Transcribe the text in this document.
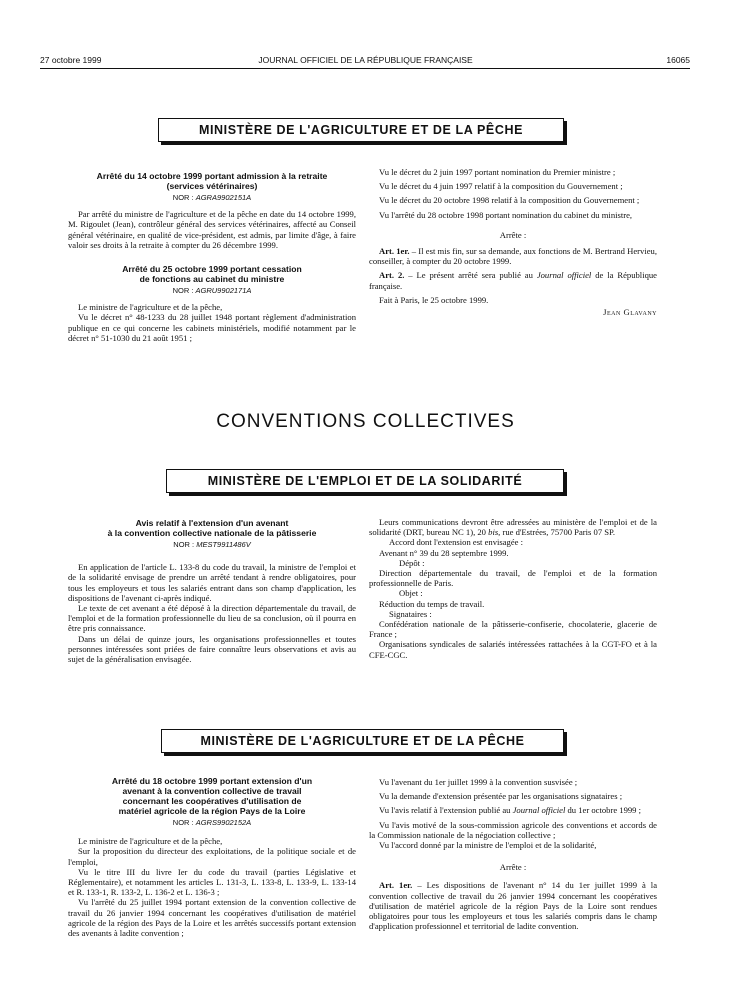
27 octobre 1999	JOURNAL OFFICIEL DE LA RÉPUBLIQUE FRANÇAISE	16065
MINISTÈRE DE L'AGRICULTURE ET DE LA PÊCHE

Arrêté du 14 octobre 1999 portant admission à la retraite

(services vétérinaires)

NOR : AGRA9902151A

Par arrêté du ministre de l'agriculture et de la pêche en date du 14 octobre 1999, M. Rigoulet (Jean), contrôleur général des services vétérinaires, affecté au Conseil général vétérinaire, en qualité de vice-président, est admis, par limite d'âge, à faire valoir ses droits à la retraite à compter du 26 décembre 1999.

Arrêté du 25 octobre 1999 portant cessation

de fonctions au cabinet du ministre

NOR : AGRU9902171A

Le ministre de l'agriculture et de la pêche,

Vu le décret n° 48-1233 du 28 juillet 1948 portant règlement d'administration publique en ce qui concerne les cabinets ministériels, modifié notamment par le décret n° 51-1030 du 21 août 1951 ;

Vu le décret du 2 juin 1997 portant nomination du Premier ministre ;

Vu le décret du 4 juin 1997 relatif à la composition du Gouvernement ;

Vu le décret du 20 octobre 1998 relatif à la composition du Gouvernement ;

Vu l'arrêté du 28 octobre 1998 portant nomination du cabinet du ministre,

Arrête :

Art. 1er. – Il est mis fin, sur sa demande, aux fonctions de M. Bertrand Hervieu, conseiller, à compter du 20 octobre 1999.

Art. 2. – Le présent arrêté sera publié au Journal officiel de la République française.

Fait à Paris, le 25 octobre 1999.

Jean Glavany

CONVENTIONS COLLECTIVES
MINISTÈRE DE L'EMPLOI ET DE LA SOLIDARITÉ

Avis relatif à l'extension d'un avenant

à la convention collective nationale de la pâtisserie

NOR : MEST9911486V

En application de l'article L. 133-8 du code du travail, la ministre de l'emploi et de la solidarité envisage de prendre un arrêté tendant à rendre obligatoires, pour tous les employeurs et tous les salariés entrant dans son champ d'application, les dispositions de l'avenant ci-après indiqué.

Le texte de cet avenant a été déposé à la direction départementale du travail, de l'emploi et de la formation professionnelle du lieu de sa conclusion, où il pourra en être pris connaissance.

Dans un délai de quinze jours, les organisations professionnelles et toutes personnes intéressées sont priées de faire connaître leurs observations et avis au sujet de la généralisation envisagée.

Leurs communications devront être adressées au ministère de l'emploi et de la solidarité (DRT, bureau NC 1), 20 bis, rue d'Estrées, 75700 Paris 07 SP.

Accord dont l'extension est envisagée :

Avenant n° 39 du 28 septembre 1999.

Dépôt :

Direction départementale du travail, de l'emploi et de la formation professionnelle de Paris.

Objet :

Réduction du temps de travail.

Signataires :

Confédération nationale de la pâtisserie-confiserie, chocolaterie, glacerie de France ;

Organisations syndicales de salariés intéressées rattachées à la CGT-FO et à la CFE-CGC.

MINISTÈRE DE L'AGRICULTURE ET DE LA PÊCHE

Arrêté du 18 octobre 1999 portant extension d'un

avenant à la convention collective de travail

concernant les coopératives d'utilisation de

matériel agricole de la région Pays de la Loire

NOR : AGRS9902152A

Le ministre de l'agriculture et de la pêche,

Sur la proposition du directeur des exploitations, de la politique sociale et de l'emploi,

Vu le titre III du livre Ier du code du travail (parties Législative et Réglementaire), et notamment les articles L. 131-3, L. 133-8, L. 133-9, L. 133-14 et R. 133-1, R. 133-2, L. 136-2 et L. 136-3 ;

Vu l'arrêté du 25 juillet 1994 portant extension de la convention collective de travail du 26 janvier 1994 concernant les coopératives d'utilisation de matériel agricole de la région des Pays de la Loire et les arrêtés successifs portant extension des avenants à ladite convention ;

Vu l'avenant du 1er juillet 1999 à la convention susvisée ;

Vu la demande d'extension présentée par les organisations signataires ;

Vu l'avis relatif à l'extension publié au Journal officiel du 1er octobre 1999 ;

Vu l'avis motivé de la sous-commission agricole des conventions et accords de la Commission nationale de la négociation collective ;

Vu l'accord donné par la ministre de l'emploi et de la solidarité,

Arrête :

Art. 1er. – Les dispositions de l'avenant n° 14 du 1er juillet 1999 à la convention collective de travail du 26 janvier 1994 concernant les coopératives d'utilisation de matériel agricole de la région Pays de la Loire sont rendues obligatoires pour tous les employeurs et tous les salariés compris dans le champ d'application professionnel et territorial de ladite convention.
